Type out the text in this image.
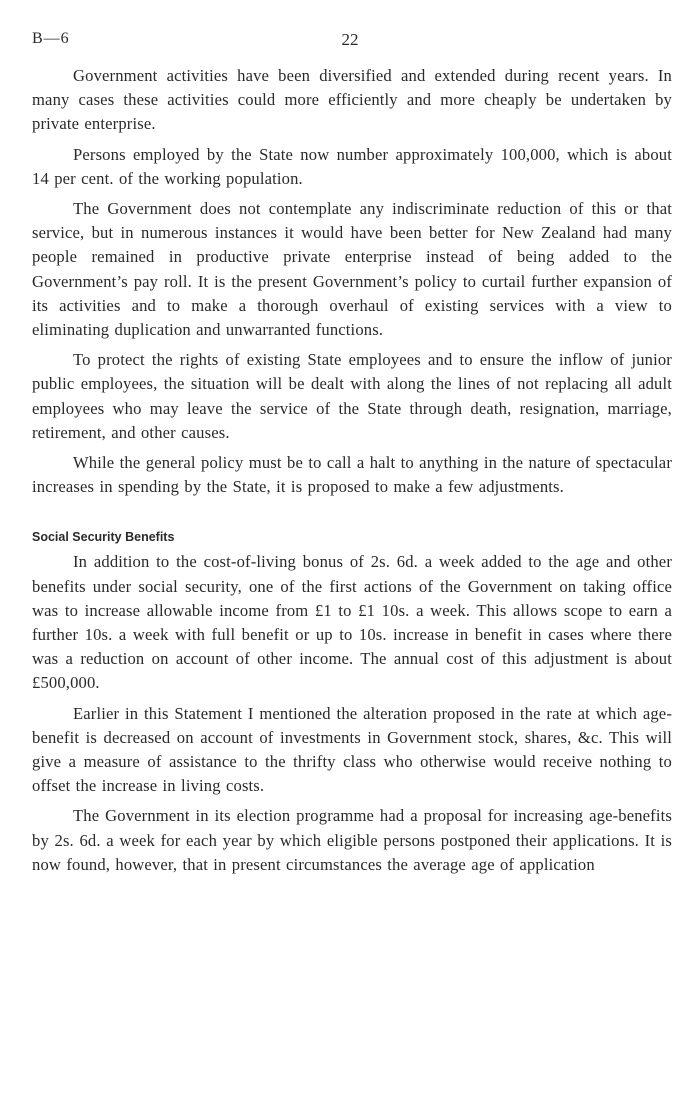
B—6	22

Government activities have been diversified and extended during recent years. In many cases these activities could more efficiently and more cheaply be undertaken by private enterprise.

Persons employed by the State now number approximately 100,000, which is about 14 per cent. of the working population.

The Government does not contemplate any indiscriminate reduction of this or that service, but in numerous instances it would have been better for New Zealand had many people remained in productive private enterprise instead of being added to the Government’s pay roll. It is the present Government’s policy to curtail further expansion of its activities and to make a thorough overhaul of existing services with a view to eliminating duplication and unwarranted functions.

To protect the rights of existing State employees and to ensure the inflow of junior public employees, the situation will be dealt with along the lines of not replacing all adult employees who may leave the service of the State through death, resignation, marriage, retirement, and other causes.

While the general policy must be to call a halt to anything in the nature of spectacular increases in spending by the State, it is proposed to make a few adjustments.

Social Security Benefits

In addition to the cost-of-living bonus of 2s. 6d. a week added to the age and other benefits under social security, one of the first actions of the Government on taking office was to increase allowable income from £1 to £1 10s. a week. This allows scope to earn a further 10s. a week with full benefit or up to 10s. increase in benefit in cases where there was a reduction on account of other income. The annual cost of this adjustment is about £500,000.

Earlier in this Statement I mentioned the alteration proposed in the rate at which age-benefit is decreased on account of investments in Government stock, shares, &c. This will give a measure of assistance to the thrifty class who otherwise would receive nothing to offset the increase in living costs.

The Government in its election programme had a proposal for increasing age-benefits by 2s. 6d. a week for each year by which eligible persons postponed their applications. It is now found, however, that in present circumstances the average age of application
